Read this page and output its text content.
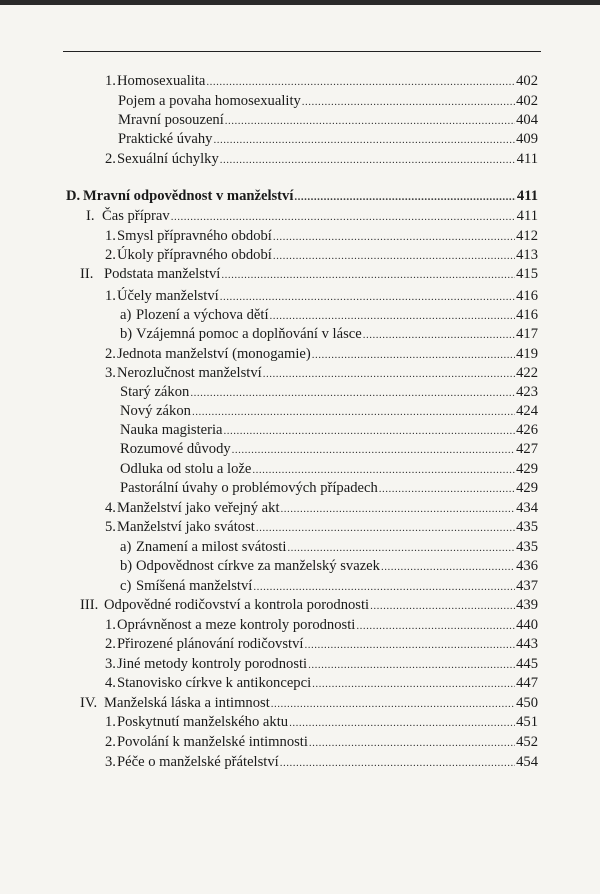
1. Homosexualita .....	402
Pojem a povaha homosexuality .....	402
Mravní posouzení .....	404
Praktické úvahy .....	409
2. Sexuální úchylky .....	411
D. Mravní odpovědnost v manželství .....	411
I. Čas příprav .....	411
1. Smysl přípravného období .....	412
2. Úkoly přípravného období .....	413
II. Podstata manželství .....	415
1. Účely manželství .....	416
a) Plození a výchova dětí .....	416
b) Vzájemná pomoc a doplňování v lásce .....	417
2. Jednota manželství (monogamie) .....	419
3. Nerozlučnost manželství .....	422
Starý zákon .....	423
Nový zákon .....	424
Nauka magisteria .....	426
Rozumové důvody .....	427
Odluka od stolu a lože .....	429
Pastorální úvahy o problémových případech .....	429
4. Manželství jako veřejný akt .....	434
5. Manželství jako svátost .....	435
a) Znamení a milost svátosti .....	435
b) Odpovědnost církve za manželský svazek .....	436
c) Smíšená manželství .....	437
III. Odpovědné rodičovství a kontrola porodnosti .....	439
1. Oprávněnost a meze kontroly porodnosti .....	440
2. Přirozené plánování rodičovství .....	443
3. Jiné metody kontroly porodnosti .....	445
4. Stanovisko církve k antikoncepci .....	447
IV. Manželská láska a intimnost .....	450
1. Poskytnutí manželského aktu .....	451
2. Povolání k manželské intimnosti .....	452
3. Péče o manželské přátelství .....	454
